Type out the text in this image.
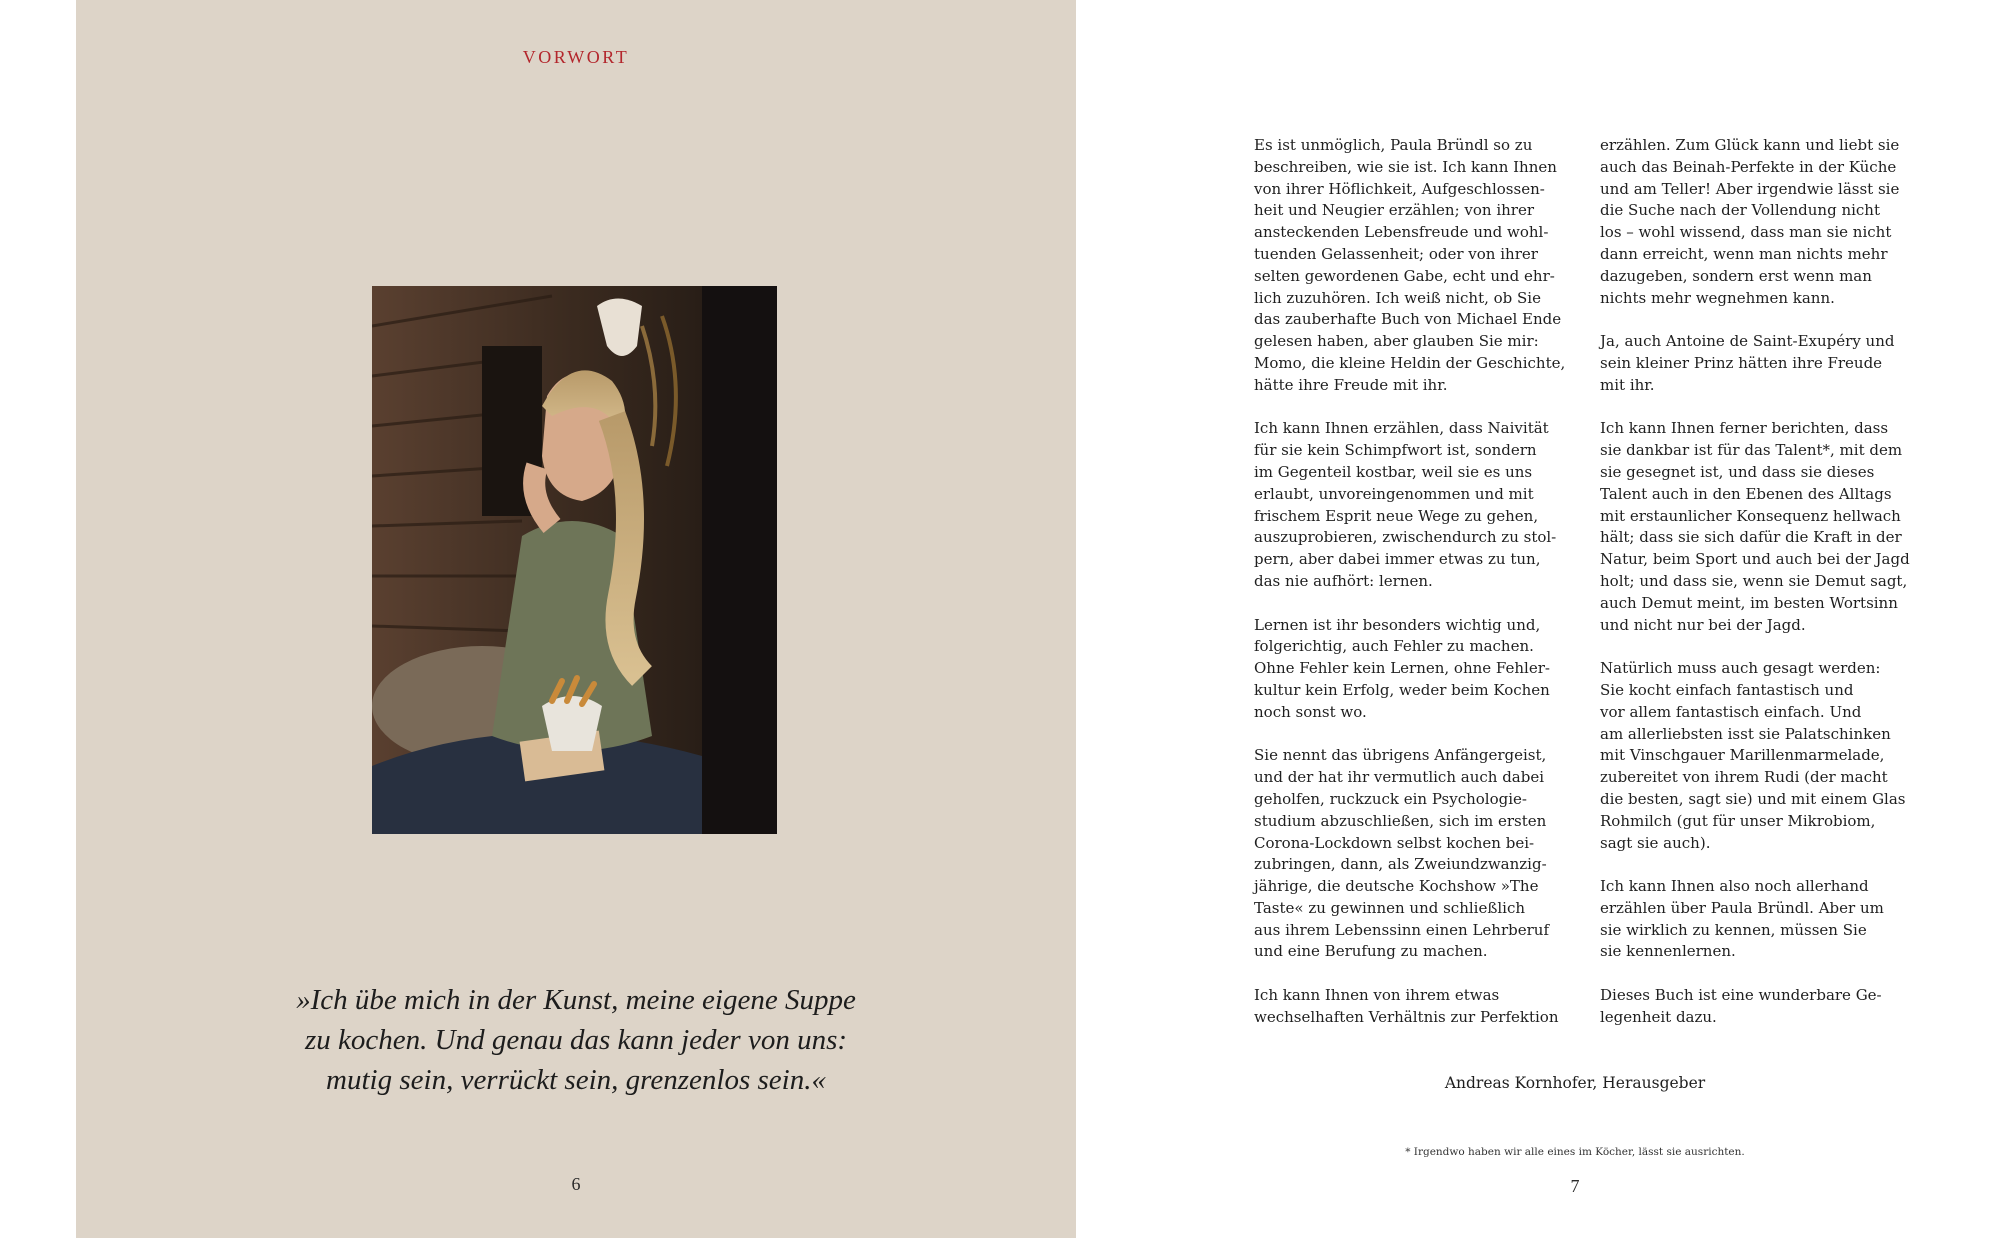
VORWORT
»Ich übe mich in der Kunst, meine eigene Suppe
zu kochen. Und genau das kann jeder von uns:
mutig sein, verrückt sein, grenzenlos sein.«
6
Es ist unmöglich, Paula Bründl so zu
beschreiben, wie sie ist. Ich kann Ihnen
von ihrer Höflichkeit, Aufgeschlossen-
heit und Neugier erzählen; von ihrer
ansteckenden Lebensfreude und wohl-
tuenden Gelassenheit; oder von ihrer
selten gewordenen Gabe, echt und ehr-
lich zuzuhören. Ich weiß nicht, ob Sie
das zauberhafte Buch von Michael Ende
gelesen haben, aber glauben Sie mir:
Momo, die kleine Heldin der Geschichte,
hätte ihre Freude mit ihr.
Ich kann Ihnen erzählen, dass Naivität
für sie kein Schimpfwort ist, sondern
im Gegenteil kostbar, weil sie es uns
erlaubt, unvoreingenommen und mit
frischem Esprit neue Wege zu gehen,
auszuprobieren, zwischendurch zu stol-
pern, aber dabei immer etwas zu tun,
das nie aufhört: lernen.
Lernen ist ihr besonders wichtig und,
folgerichtig, auch Fehler zu machen.
Ohne Fehler kein Lernen, ohne Fehler-
kultur kein Erfolg, weder beim Kochen
noch sonst wo.
Sie nennt das übrigens Anfängergeist,
und der hat ihr vermutlich auch dabei
geholfen, ruckzuck ein Psychologie-
studium abzuschließen, sich im ersten
Corona-Lockdown selbst kochen bei-
zubringen, dann, als Zweiundzwanzig-
jährige, die deutsche Kochshow »The
Taste« zu gewinnen und schließlich
aus ihrem Lebenssinn einen Lehrberuf
und eine Berufung zu machen.
Ich kann Ihnen von ihrem etwas
wechselhaften Verhältnis zur Perfektion
erzählen. Zum Glück kann und liebt sie
auch das Beinah-Perfekte in der Küche
und am Teller! Aber irgendwie lässt sie
die Suche nach der Vollendung nicht
los – wohl wissend, dass man sie nicht
dann erreicht, wenn man nichts mehr
dazugeben, sondern erst wenn man
nichts mehr wegnehmen kann.
Ja, auch Antoine de Saint-Exupéry und
sein kleiner Prinz hätten ihre Freude
mit ihr.
Ich kann Ihnen ferner berichten, dass
sie dankbar ist für das Talent*, mit dem
sie gesegnet ist, und dass sie dieses
Talent auch in den Ebenen des Alltags
mit erstaunlicher Konsequenz hellwach
hält; dass sie sich dafür die Kraft in der
Natur, beim Sport und auch bei der Jagd
holt; und dass sie, wenn sie Demut sagt,
auch Demut meint, im besten Wortsinn
und nicht nur bei der Jagd.
Natürlich muss auch gesagt werden:
Sie kocht einfach fantastisch und
vor allem fantastisch einfach. Und
am allerliebsten isst sie Palatschinken
mit Vinschgauer Marillenmarmelade,
zubereitet von ihrem Rudi (der macht
die besten, sagt sie) und mit einem Glas
Rohmilch (gut für unser Mikrobiom,
sagt sie auch).
Ich kann Ihnen also noch allerhand
erzählen über Paula Bründl. Aber um
sie wirklich zu kennen, müssen Sie
sie kennenlernen.
Dieses Buch ist eine wunderbare Ge-
legenheit dazu.
Andreas Kornhofer, Herausgeber
* Irgendwo haben wir alle eines im Köcher, lässt sie ausrichten.
7
